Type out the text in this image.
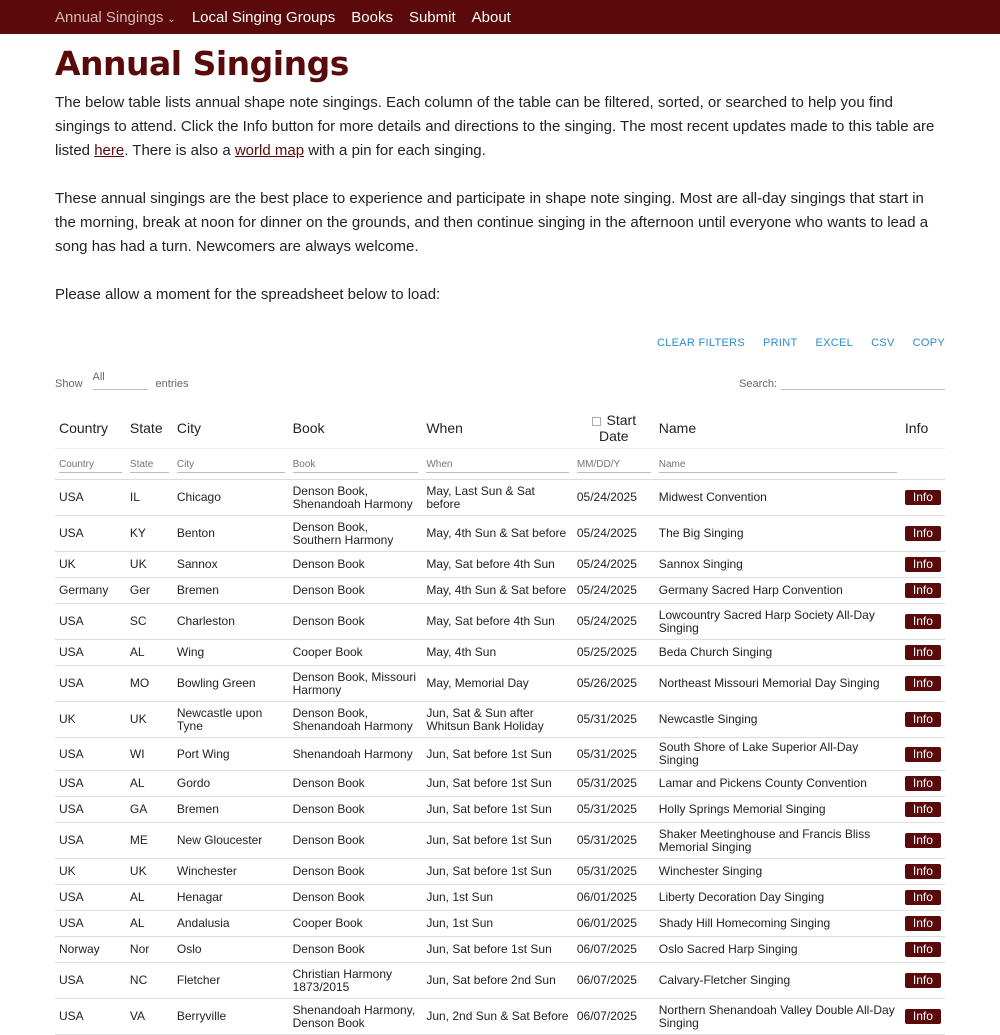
Annual Singings ⌄ Local Singing Groups Books Submit About
Annual Singings

The below table lists annual shape note singings. Each column of the table can be filtered, sorted, or searched to help you find singings to attend. Click the Info button for more details and directions to the singing. The most recent updates made to this table are listed here. There is also a world map with a pin for each singing.

These annual singings are the best place to experience and participate in shape note singing. Most are all-day singings that start in the morning, break at noon for dinner on the grounds, and then continue singing in the afternoon until everyone who wants to lead a song has had a turn. Newcomers are always welcome.

Please allow a moment for the spreadsheet below to load:

CLEAR FILTERS PRINT EXCEL CSV COPY
Show
All
entries	Search:
Country	State	City	Book	When	Start
Date	Name	Info
Country	State	City	Book	When	MM/DD/Y	Name	
USA	IL	Chicago	Denson Book, Shenandoah Harmony	May, Last Sun & Sat before	05/24/2025	Midwest Convention	Info
USA	KY	Benton	Denson Book, Southern Harmony	May, 4th Sun & Sat before	05/24/2025	The Big Singing	Info
UK	UK	Sannox	Denson Book	May, Sat before 4th Sun	05/24/2025	Sannox Singing	Info
Germany	Ger	Bremen	Denson Book	May, 4th Sun & Sat before	05/24/2025	Germany Sacred Harp Convention	Info
USA	SC	Charleston	Denson Book	May, Sat before 4th Sun	05/24/2025	Lowcountry Sacred Harp Society All-Day Singing	Info
USA	AL	Wing	Cooper Book	May, 4th Sun	05/25/2025	Beda Church Singing	Info
USA	MO	Bowling Green	Denson Book, Missouri Harmony	May, Memorial Day	05/26/2025	Northeast Missouri Memorial Day Singing	Info
UK	UK	Newcastle upon Tyne	Denson Book, Shenandoah Harmony	Jun, Sat & Sun after Whitsun Bank Holiday	05/31/2025	Newcastle Singing	Info
USA	WI	Port Wing	Shenandoah Harmony	Jun, Sat before 1st Sun	05/31/2025	South Shore of Lake Superior All-Day Singing	Info
USA	AL	Gordo	Denson Book	Jun, Sat before 1st Sun	05/31/2025	Lamar and Pickens County Convention	Info
USA	GA	Bremen	Denson Book	Jun, Sat before 1st Sun	05/31/2025	Holly Springs Memorial Singing	Info
USA	ME	New Gloucester	Denson Book	Jun, Sat before 1st Sun	05/31/2025	Shaker Meetinghouse and Francis Bliss Memorial Singing	Info
UK	UK	Winchester	Denson Book	Jun, Sat before 1st Sun	05/31/2025	Winchester Singing	Info
USA	AL	Henagar	Denson Book	Jun, 1st Sun	06/01/2025	Liberty Decoration Day Singing	Info
USA	AL	Andalusia	Cooper Book	Jun, 1st Sun	06/01/2025	Shady Hill Homecoming Singing	Info
Norway	Nor	Oslo	Denson Book	Jun, Sat before 1st Sun	06/07/2025	Oslo Sacred Harp Singing	Info
USA	NC	Fletcher	Christian Harmony 1873/2015	Jun, Sat before 2nd Sun	06/07/2025	Calvary-Fletcher Singing	Info
USA	VA	Berryville	Shenandoah Harmony, Denson Book	Jun, 2nd Sun & Sat Before	06/07/2025	Northern Shenandoah Valley Double All-Day Singing	Info
